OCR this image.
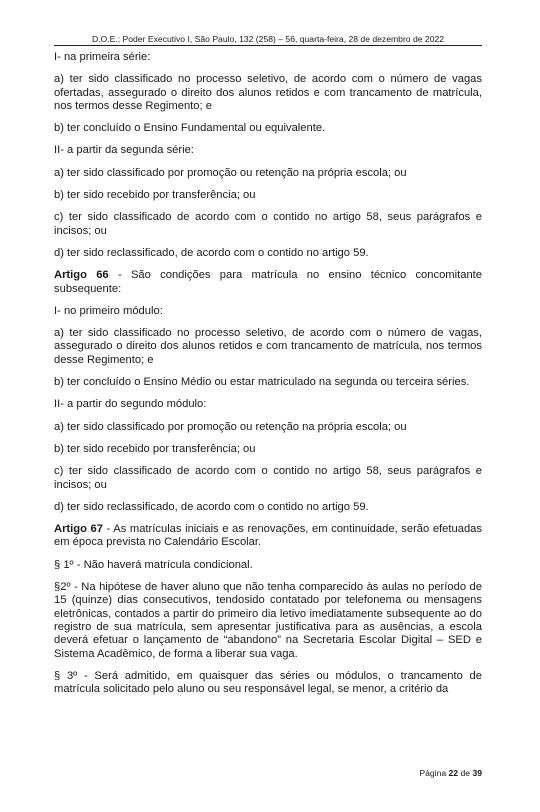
D.O.E.; Poder Executivo I, São Paulo, 132 (258) – 56, quarta-feira, 28 de dezembro de 2022

I- na primeira série:

a) ter sido classificado no processo seletivo, de acordo com o número de vagas ofertadas, assegurado o direito dos alunos retidos e com trancamento de matrícula, nos termos desse Regimento; e

b) ter concluído o Ensino Fundamental ou equivalente.

II- a partir da segunda série:

a) ter sido classificado por promoção ou retenção na própria escola; ou

b) ter sido recebido por transferência; ou

c) ter sido classificado de acordo com o contido no artigo 58, seus parágrafos e incisos; ou

d) ter sido reclassificado, de acordo com o contido no artigo 59.

Artigo 66 - São condições para matrícula no ensino técnico concomitante subsequente:

I- no primeiro módulo:

a) ter sido classificado no processo seletivo, de acordo com o número de vagas, assegurado o direito dos alunos retidos e com trancamento de matrícula, nos termos desse Regimento; e

b) ter concluído o Ensino Médio ou estar matriculado na segunda ou terceira séries.

II- a partir do segundo módulo:

a) ter sido classificado por promoção ou retenção na própria escola; ou

b) ter sido recebido por transferência; ou

c) ter sido classificado de acordo com o contido no artigo 58, seus parágrafos e incisos; ou

d) ter sido reclassificado, de acordo com o contido no artigo 59.

Artigo 67 - As matrículas iniciais e as renovações, em continuidade, serão efetuadas em época prevista no Calendário Escolar.

§ 1º - Não haverá matrícula condicional.

§2º - Na hipótese de haver aluno que não tenha comparecido às aulas no período de 15 (quinze) dias consecutivos, tendosido contatado por telefonema ou mensagens eletrônicas, contados a partir do primeiro dia letivo imediatamente subsequente ao do registro de sua matrícula, sem apresentar justificativa para as ausências, a escola deverá efetuar o lançamento de “abandono” na Secretaria Escolar Digital – SED e Sistema Acadêmico, de forma a liberar sua vaga.

§ 3º - Será admitido, em quaisquer das séries ou módulos, o trancamento de matrícula solicitado pelo aluno ou seu responsável legal, se menor, a critério da

Página 22 de 39
